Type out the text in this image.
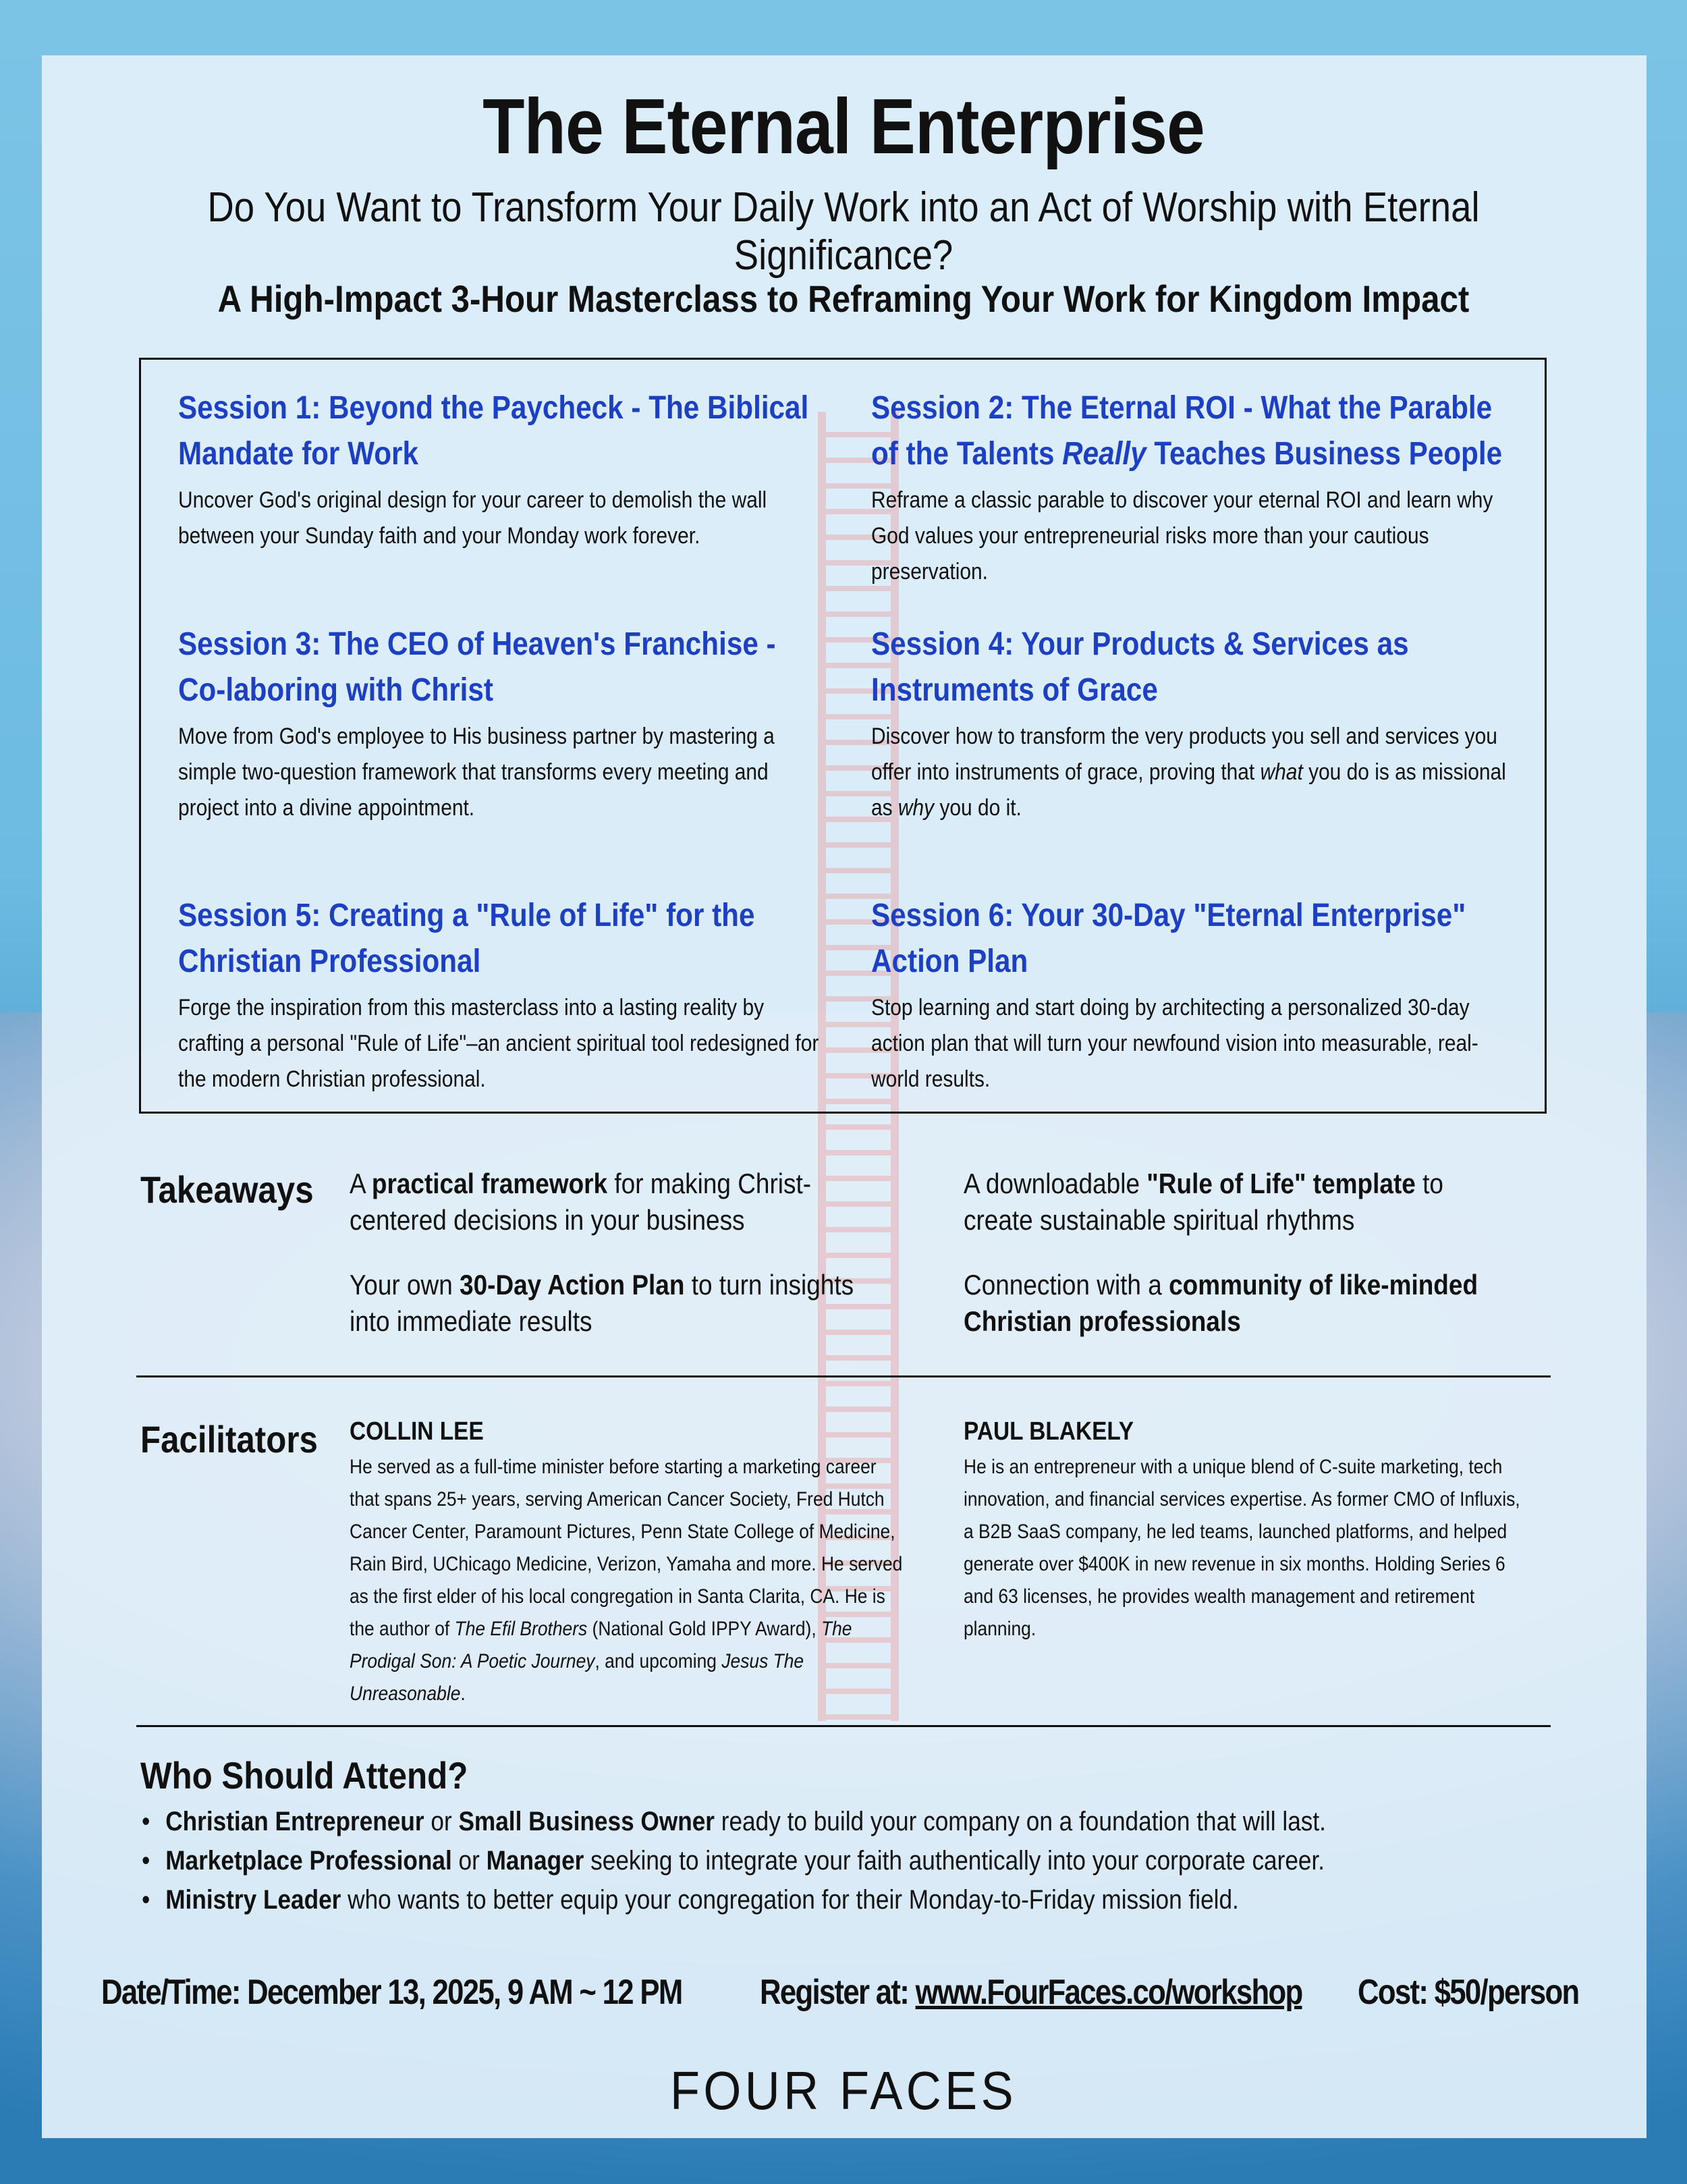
The Eternal Enterprise
Do You Want to Transform Your Daily Work into an Act of Worship with Eternal Significance?
A High-Impact 3-Hour Masterclass to Reframing Your Work for Kingdom Impact
Session 1: Beyond the Paycheck - The Biblical Mandate for Work

Uncover God's original design for your career to demolish the wall between your Sunday faith and your Monday work forever.

Session 2: The Eternal ROI - What the Parable of the Talents Really Teaches Business People

Reframe a classic parable to discover your eternal ROI and learn why God values your entrepreneurial risks more than your cautious preservation.

Session 3: The CEO of Heaven's Franchise - Co-laboring with Christ

Move from God's employee to His business partner by mastering a simple two-question framework that transforms every meeting and project into a divine appointment.

Session 4: Your Products & Services as Instruments of Grace

Discover how to transform the very products you sell and services you offer into instruments of grace, proving that what you do is as missional as why you do it.

Session 5: Creating a "Rule of Life" for the Christian Professional

Forge the inspiration from this masterclass into a lasting reality by crafting a personal "Rule of Life"–an ancient spiritual tool redesigned for the modern Christian professional.

Session 6: Your 30-Day "Eternal Enterprise" Action Plan

Stop learning and start doing by architecting a personalized 30-day action plan that will turn your newfound vision into measurable, real-world results.

Takeaways A practical framework for making Christ-centered decisions in your business
A downloadable "Rule of Life" template to create sustainable spiritual rhythms
Your own 30-Day Action Plan to turn insights into immediate results
Connection with a community of like-minded Christian professionals
Facilitators COLLIN LEE
He served as a full-time minister before starting a marketing career that spans 25+ years, serving American Cancer Society, Fred Hutch Cancer Center, Paramount Pictures, Penn State College of Medicine, Rain Bird, UChicago Medicine, Verizon, Yamaha and more. He served as the first elder of his local congregation in Santa Clarita, CA. He is the author of The Efil Brothers (National Gold IPPY Award), The Prodigal Son: A Poetic Journey, and upcoming Jesus The Unreasonable.
PAUL BLAKELY
He is an entrepreneur with a unique blend of C-suite marketing, tech innovation, and financial services expertise. As former CMO of Influxis, a B2B SaaS company, he led teams, launched platforms, and helped generate over $400K in new revenue in six months. Holding Series 6 and 63 licenses, he provides wealth management and retirement planning.
Who Should Attend?
• Christian Entrepreneur or Small Business Owner ready to build your company on a foundation that will last.
• Marketplace Professional or Manager seeking to integrate your faith authentically into your corporate career.
• Ministry Leader who wants to better equip your congregation for their Monday-to-Friday mission field.
Date/Time: December 13, 2025, 9 AM ~ 12 PM Register at: www.FourFaces.co/workshop Cost: $50/person
FOUR FACES
